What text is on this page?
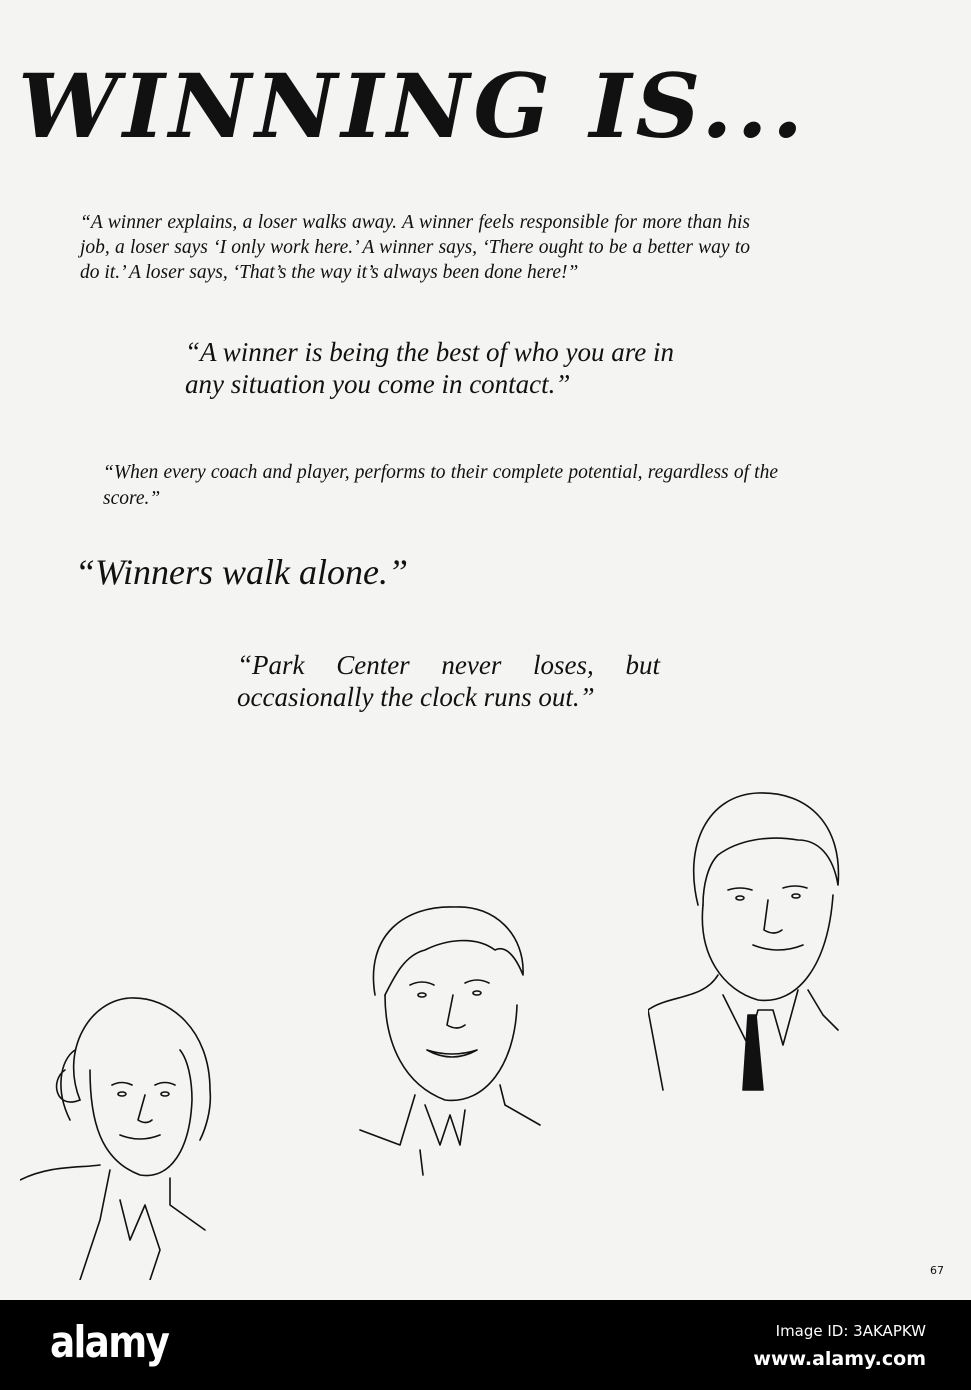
WINNING IS...

“A winner explains, a loser walks away. A winner feels responsible for more than his job, a loser says ‘I only work here.’ A winner says, ‘There ought to be a better way to do it.’ A loser says, ‘That’s the way it’s always been done here!”

“A winner is being the best of who you are in any situation you come in contact.”

“When every coach and player, performs to their complete potential, regardless of the score.”

“Winners walk alone.”

“Park Center never loses, but occasionally the clock runs out.”

67
alamy	Image ID: 3AKAPKW
www.alamy.com
